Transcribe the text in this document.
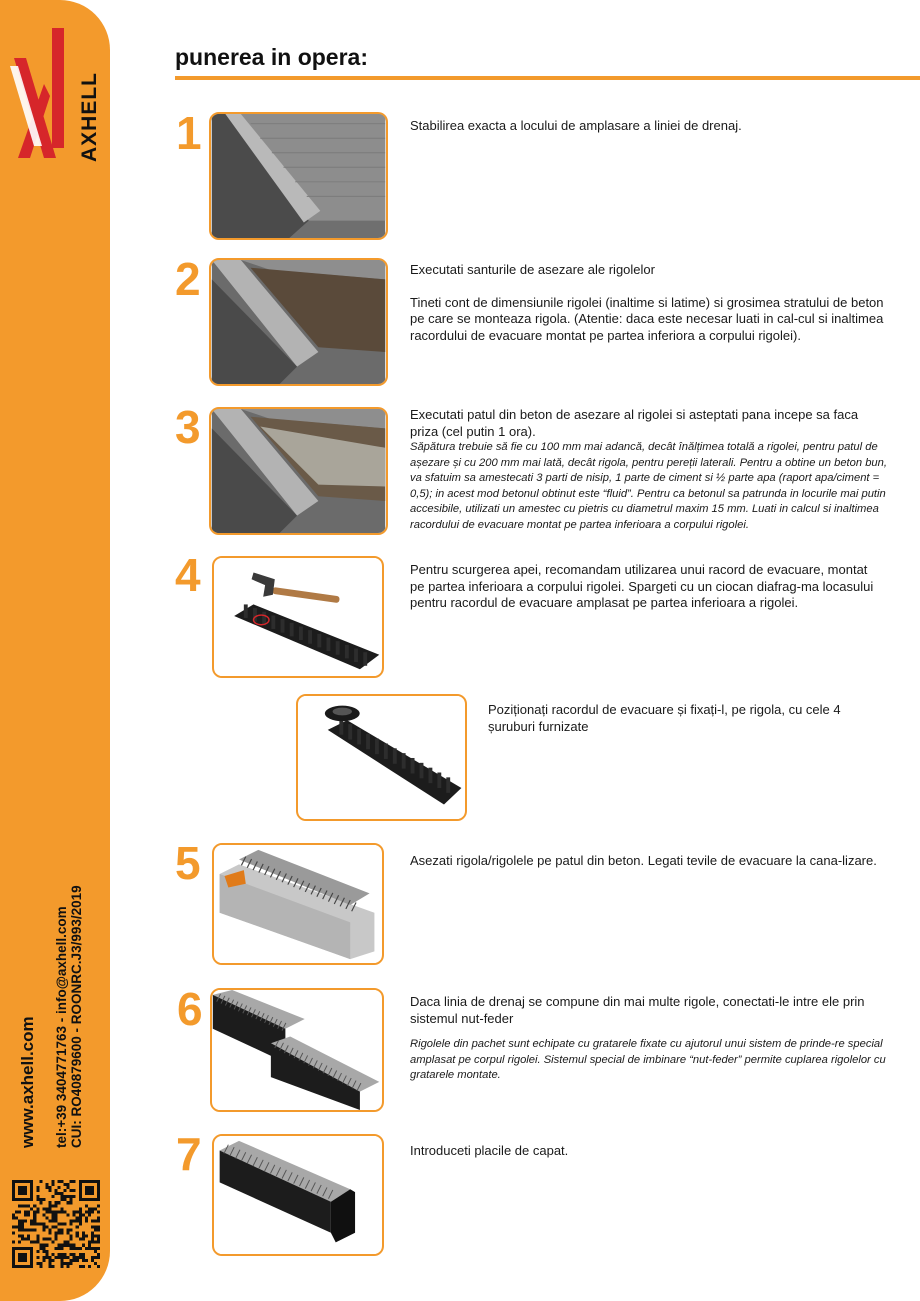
AXHELL
www.axhell.com tel:+39 3404771763 - info@axhell.com CUI: RO40879600 - ROONRC.J3/993/2019
punerea in opera:
1	Stabilirea exacta a locului de amplasare a liniei de drenaj.

2	Executati santurile de asezare ale rigolelor

Tineti cont de dimensiunile rigolei (inaltime si latime) si grosimea stratului de beton pe care se monteaza rigola. (Atentie: daca este necesar luati in cal-cul si inaltimea racordului de evacuare montat pe partea inferiora a corpului rigolei).

3	Executati patul din beton de asezare al rigolei si asteptati pana incepe sa faca priza (cel putin 1 ora).

Săpătura trebuie să fie cu 100 mm mai adancă, decât înălțimea totală a rigolei, pentru patul de așezare și cu 200 mm mai lată, decât rigola, pentru pereții laterali. Pentru a obtine un beton bun, va sfatuim sa amestecati 3 parti de nisip, 1 parte de ciment si ½ parte apa (raport apa/ciment = 0,5); in acest mod betonul obtinut este “fluid”. Pentru ca betonul sa patrunda in locurile mai putin accesibile, utilizati un amestec cu pietris cu diametrul maxim 15 mm. Luati in calcul si inaltimea racordului de evacuare montat pe partea inferioara a corpului rigolei.

4	Pentru scurgerea apei, recomandam utilizarea unui racord de evacuare, montat pe partea inferioara a corpului rigolei. Spargeti cu un ciocan diafrag-ma locasului pentru racordul de evacuare amplasat pe partea inferioara a rigolei.

Poziționați racordul de evacuare și fixați-l, pe rigola, cu cele 4 șuruburi furnizate

5	Asezati rigola/rigolele pe patul din beton. Legati tevile de evacuare la cana-lizare.

6	Daca linia de drenaj se compune din mai multe rigole, conectati-le intre ele prin sistemul nut-feder

Rigolele din pachet sunt echipate cu gratarele fixate cu ajutorul unui sistem de prinde-re special amplasat pe corpul rigolei. Sistemul special de imbinare “nut-feder” permite cuplarea rigolelor cu gratarele montate.

7	Introduceti placile de capat.
